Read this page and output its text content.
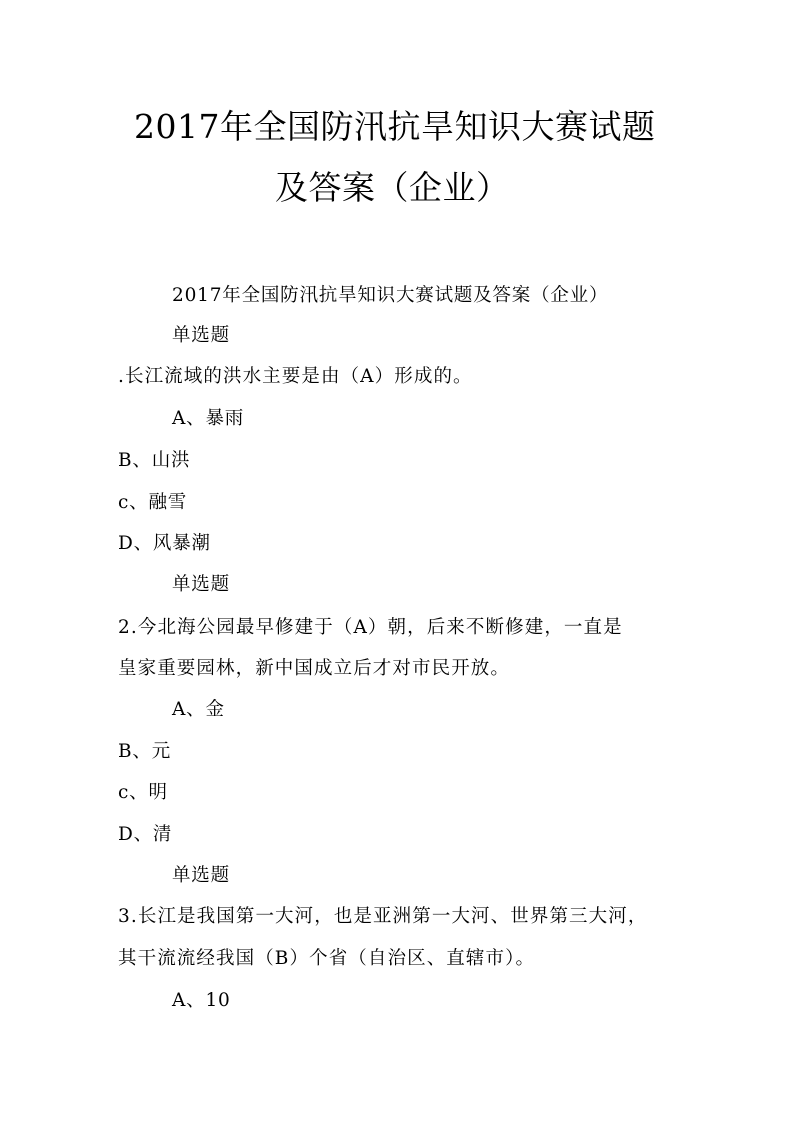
2017年全国防汛抗旱知识大赛试题
及答案（企业）
2017年全国防汛抗旱知识大赛试题及答案（企业）
单选题
.长江流域的洪水主要是由（A）形成的。
A、暴雨
B、山洪
c、融雪
D、风暴潮
单选题
2.今北海公园最早修建于（A）朝，后来不断修建，一直是
皇家重要园林，新中国成立后才对市民开放。
A、金
B、元
c、明
D、清
单选题
3.长江是我国第一大河，也是亚洲第一大河、世界第三大河，
其干流流经我国（B）个省（自治区、直辖市）。
A、10
